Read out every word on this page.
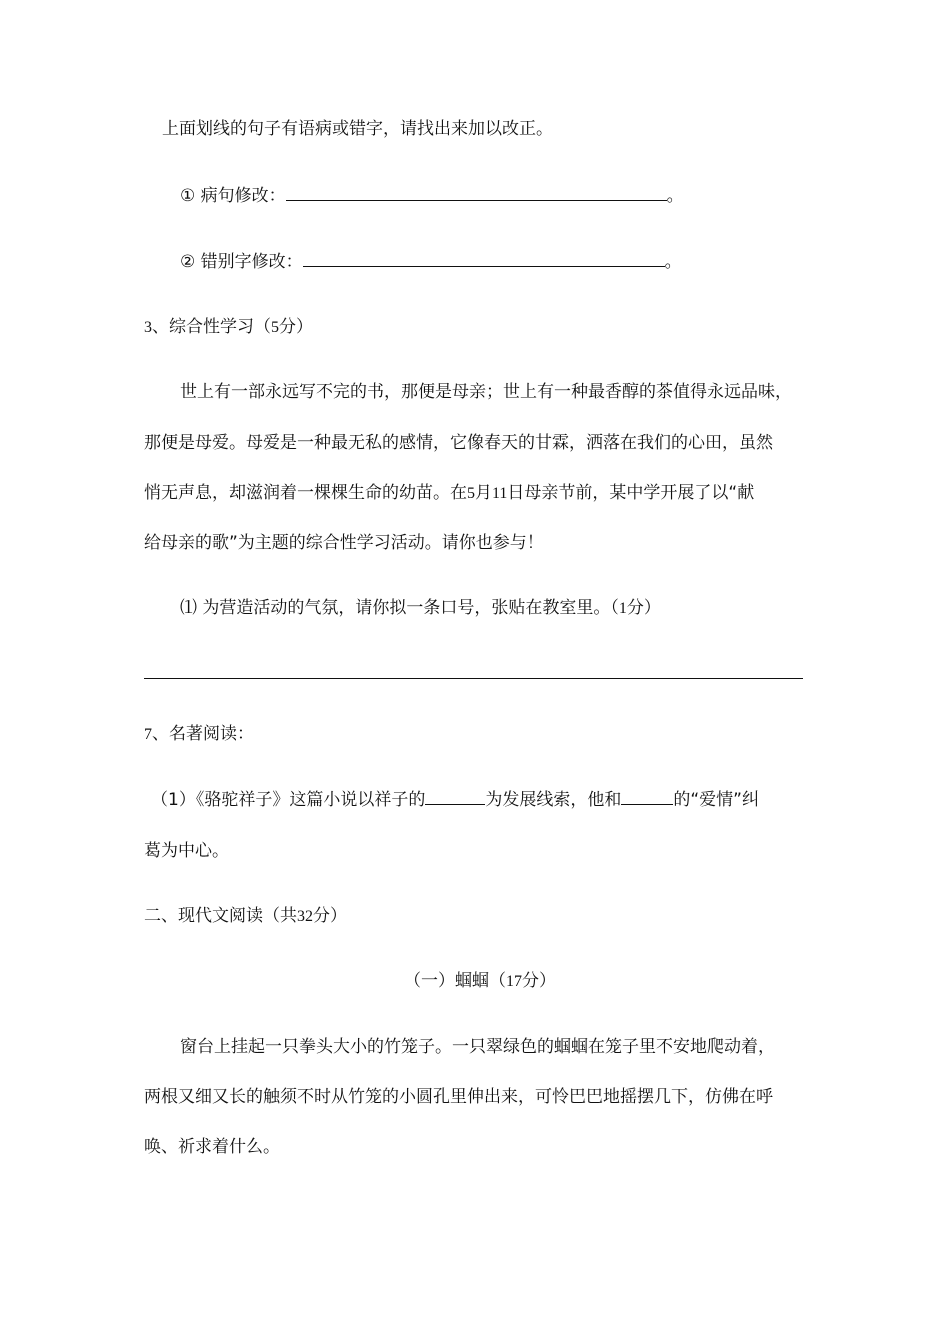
上面划线的句子有语病或错字，请找出来加以改正。
① 病句修改：	。
② 错别字修改：	。
3、综合性学习（5分）
世上有一部永远写不完的书，那便是母亲；世上有一种最香醇的茶值得永远品味，
那便是母爱。母爱是一种最无私的感情，它像春天的甘霖，洒落在我们的心田，虽然
悄无声息，却滋润着一棵棵生命的幼苗。在5月11日母亲节前，某中学开展了以“献
给母亲的歌”为主题的综合性学习活动。请你也参与！
⑴ 为营造活动的气氛，请你拟一条口号，张贴在教室里。（1分）
7、名著阅读：
（1）《骆驼祥子》这篇小说以祥子的	为发展线索，他和	的“爱情”纠
葛为中心。
二、现代文阅读（共32分）
（一）蝈蝈（17分）
窗台上挂起一只拳头大小的竹笼子。一只翠绿色的蝈蝈在笼子里不安地爬动着，
两根又细又长的触须不时从竹笼的小圆孔里伸出来，可怜巴巴地摇摆几下，仿佛在呼
唤、祈求着什么。
